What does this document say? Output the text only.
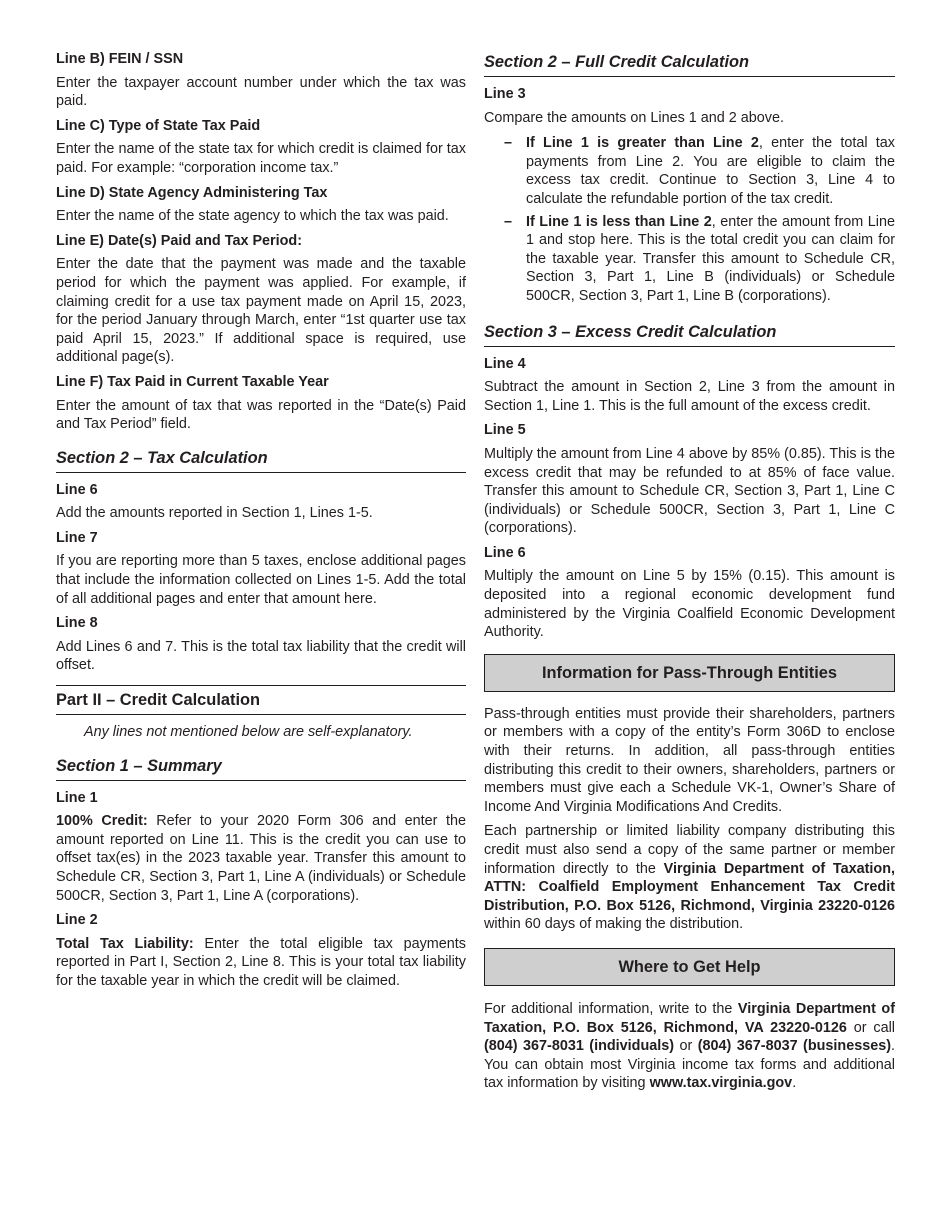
Line B) FEIN / SSN
Enter the taxpayer account number under which the tax was paid.
Line C) Type of State Tax Paid
Enter the name of the state tax for which credit is claimed for tax paid. For example: “corporation income tax.”
Line D) State Agency Administering Tax
Enter the name of the state agency to which the tax was paid.
Line E) Date(s) Paid and Tax Period:
Enter the date that the payment was made and the taxable period for which the payment was applied. For example, if claiming credit for a use tax payment made on April 15, 2023, for the period January through March, enter “1st quarter use tax paid April 15, 2023.” If additional space is required, use additional page(s).
Line F) Tax Paid in Current Taxable Year
Enter the amount of tax that was reported in the “Date(s) Paid and Tax Period” field.
Section 2 – Tax Calculation
Line 6
Add the amounts reported in Section 1, Lines 1-5.
Line 7
If you are reporting more than 5 taxes, enclose additional pages that include the information collected on Lines 1-5. Add the total of all additional pages and enter that amount here.
Line 8
Add Lines 6 and 7. This is the total tax liability that the credit will offset.
Part II – Credit Calculation
Any lines not mentioned below are self-explanatory.
Section 1 – Summary
Line 1
100% Credit: Refer to your 2020 Form 306 and enter the amount reported on Line 11. This is the credit you can use to offset tax(es) in the 2023 taxable year. Transfer this amount to Schedule CR, Section 3, Part 1, Line A (individuals) or Schedule 500CR, Section 3, Part 1, Line A (corporations).
Line 2
Total Tax Liability: Enter the total eligible tax payments reported in Part I, Section 2, Line 8. This is your total tax liability for the taxable year in which the credit will be claimed.
Section 2 – Full Credit Calculation
Line 3
Compare the amounts on Lines 1 and 2 above.
– If Line 1 is greater than Line 2, enter the total tax payments from Line 2. You are eligible to claim the excess tax credit. Continue to Section 3, Line 4 to calculate the refundable portion of the tax credit.
– If Line 1 is less than Line 2, enter the amount from Line 1 and stop here. This is the total credit you can claim for the taxable year. Transfer this amount to Schedule CR, Section 3, Part 1, Line B (individuals) or Schedule 500CR, Section 3, Part 1, Line B (corporations).
Section 3 – Excess Credit Calculation
Line 4
Subtract the amount in Section 2, Line 3 from the amount in Section 1, Line 1. This is the full amount of the excess credit.
Line 5
Multiply the amount from Line 4 above by 85% (0.85). This is the excess credit that may be refunded to at 85% of face value. Transfer this amount to Schedule CR, Section 3, Part 1, Line C (individuals) or Schedule 500CR, Section 3, Part 1, Line C (corporations).
Line 6
Multiply the amount on Line 5 by 15% (0.15). This amount is deposited into a regional economic development fund administered by the Virginia Coalfield Economic Development Authority.
Information for Pass-Through Entities
Pass-through entities must provide their shareholders, partners or members with a copy of the entity’s Form 306D to enclose with their returns. In addition, all pass-through entities distributing this credit to their owners, shareholders, partners or members must give each a Schedule VK-1, Owner’s Share of Income And Virginia Modifications And Credits.
Each partnership or limited liability company distributing this credit must also send a copy of the same partner or member information directly to the Virginia Department of Taxation, ATTN: Coalfield Employment Enhancement Tax Credit Distribution, P.O. Box 5126, Richmond, Virginia 23220-0126 within 60 days of making the distribution.
Where to Get Help
For additional information, write to the Virginia Department of Taxation, P.O. Box 5126, Richmond, VA 23220-0126 or call (804) 367-8031 (individuals) or (804) 367-8037 (businesses). You can obtain most Virginia income tax forms and additional tax information by visiting www.tax.virginia.gov.
